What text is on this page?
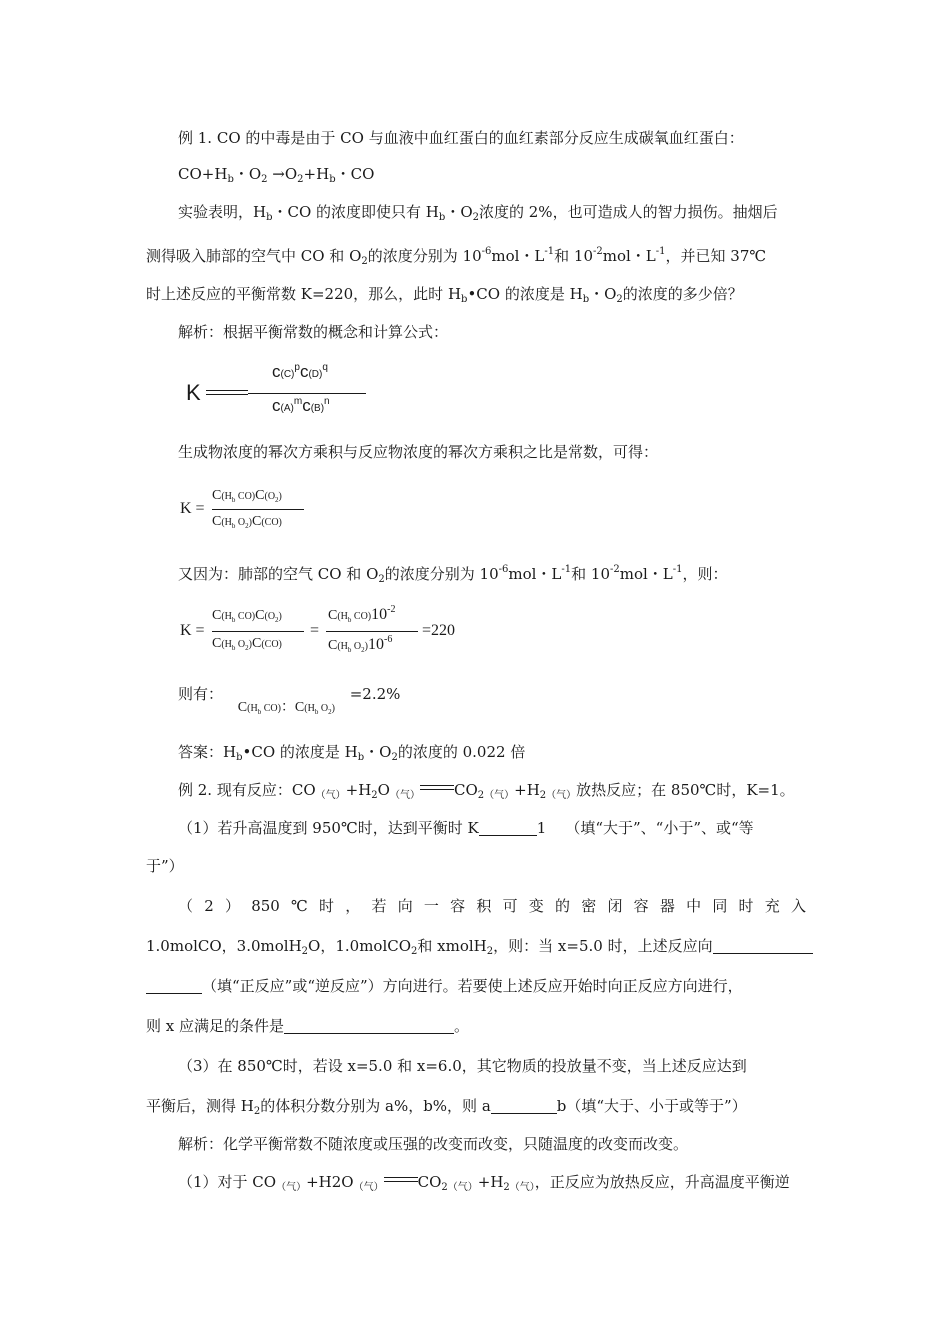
例 1. CO 的中毒是由于 CO 与血液中血红蛋白的血红素部分反应生成碳氧血红蛋白：
$CO+H_b$・$O_2 \to O_2+H_b$・CO
实验表明，$H_b$・CO 的浓度即使只有 $H_b$・$O_2$浓度的 2%，也可造成人的智力损伤。抽烟后
测得吸入肺部的空气中 CO 和 $O_2$的浓度分别为 $10^{-6}mol$・$L^{-1}$和 $10^{-2}mol$・$L^{-1}$，并已知 37℃
时上述反应的平衡常数 K=220，那么，此时 $H_b•CO$ 的浓度是 $H_b$・$O_2$的浓度的多少倍？
解析：根据平衡常数的概念和计算公式：
K
$c(C)^pc(D)^q$
$c(A)^mc(B)^n$
生成物浓度的幂次方乘积与反应物浓度的幂次方乘积之比是常数，可得：
K =
$C(H_b$ $CO)C(O_2)$
$C(H_b$ $O_2)C(CO)$
又因为：肺部的空气 CO 和 $O_2$的浓度分别为 $10^{-6}mol$・$L^{-1}$和 $10^{-2}mol$・$L^{-1}$，则：
K =
$C(H_b$ $CO)C(O_2)$
$C(H_b$ $O_2)C(CO)$
=
$C(H_b$ $CO)10^{-2}$
$C(H_b$ $O_2)10^{-6}$
=220
则有： $C(H_b$ CO)：$C(H_b$ $O_2) =2.2\%$
答案：$H_b•CO$ 的浓度是 $H_b$・$O_2$的浓度的 0.022 倍
例 2. 现有反应：$CO_{(气)}+H_2O_{(气)}$ $CO_{2(气)}+H_{2(气)}$放热反应；在 850℃时，K=1。
（1）若升高温度到 950℃时，达到平衡时 K	1    （填“大于”、“小于”、或“等
于”）
（2）850℃时，若向一容积可变的密闭容器中同时充入
1.0molCO，3.0molH$_2$O，1.0molCO$_2$和 xmolH$_2$，则：当 x=5.0 时，上述反应向
（填“正反应”或“逆反应”）方向进行。若要使上述反应开始时向正反应方向进行，
则 x 应满足的条件是	。
（3）在 850℃时，若设 x=5.0 和 x=6.0，其它物质的投放量不变，当上述反应达到
平衡后，测得 $H_2$的体积分数分别为 a%，b%，则 a	b（填“大于、小于或等于”）
解析：化学平衡常数不随浓度或压强的改变而改变，只随温度的改变而改变。
（1）对于 $CO_{(气)}+H2O_{(气)}$ $CO_{2(气)}+H_{2(气)}$，正反应为放热反应，升高温度平衡逆
